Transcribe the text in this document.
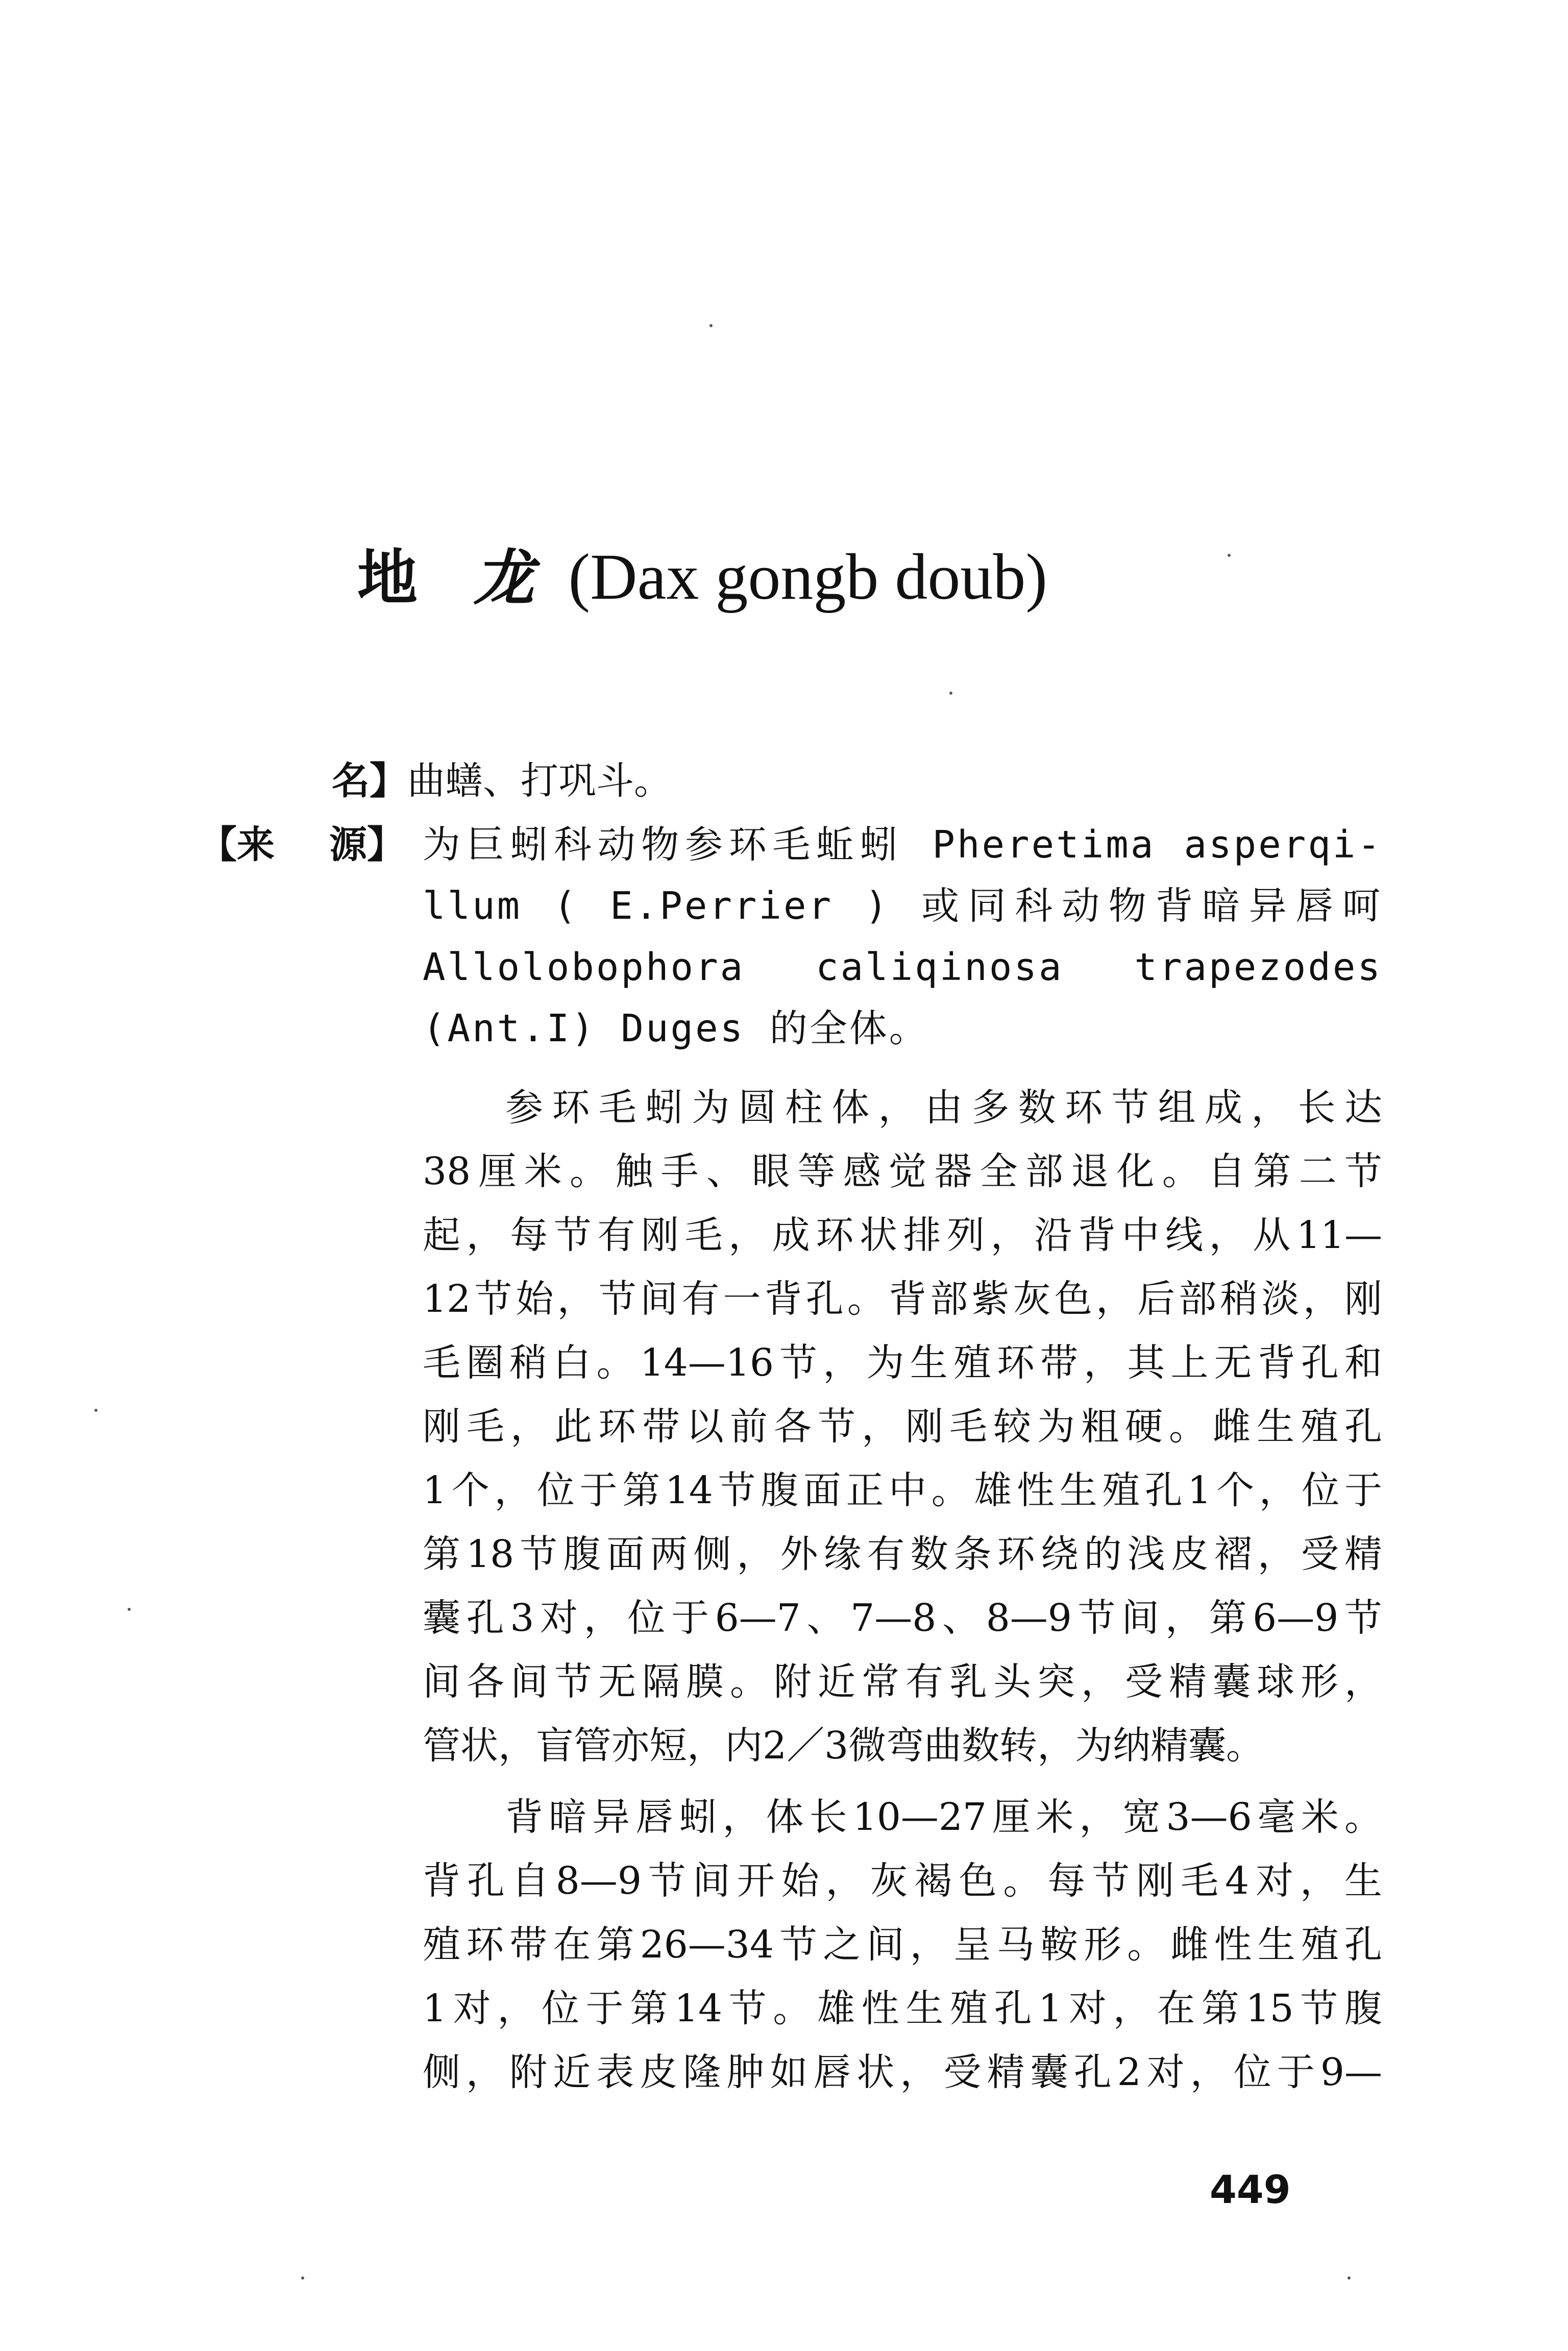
地龙 (Dax gongb doub)
名】曲蟮、打巩斗。
【来 源】 为巨蚓科动物参环毛蚯蚓 Pheretima asperqi-
llum ( E.Perrier ) 或同科动物背暗异唇呵
Allolobophora caliqinosa trapezodes
(Ant.I) Duges 的全体。
参环毛蚓为圆柱体，由多数环节组成，长达
38厘米。触手、眼等感觉器全部退化。自第二节
起，每节有刚毛，成环状排列，沿背中线，从11—
12节始，节间有一背孔。背部紫灰色，后部稍淡，刚
毛圈稍白。14—16节，为生殖环带，其上无背孔和
刚毛，此环带以前各节，刚毛较为粗硬。雌生殖孔
1个，位于第14节腹面正中。雄性生殖孔1个，位于
第18节腹面两侧，外缘有数条环绕的浅皮褶，受精
囊孔3对，位于6—7、7—8、8—9节间，第6—9节
间各间节无隔膜。附近常有乳头突，受精囊球形，
管状，盲管亦短，内2／3微弯曲数转，为纳精囊。
背暗异唇蚓，体长10—27厘米，宽3—6毫米。
背孔自8—9节间开始，灰褐色。每节刚毛4对，生
殖环带在第26—34节之间，呈马鞍形。雌性生殖孔
1对，位于第14节。雄性生殖孔1对，在第15节腹
侧，附近表皮隆肿如唇状，受精囊孔2对，位于9—
449
